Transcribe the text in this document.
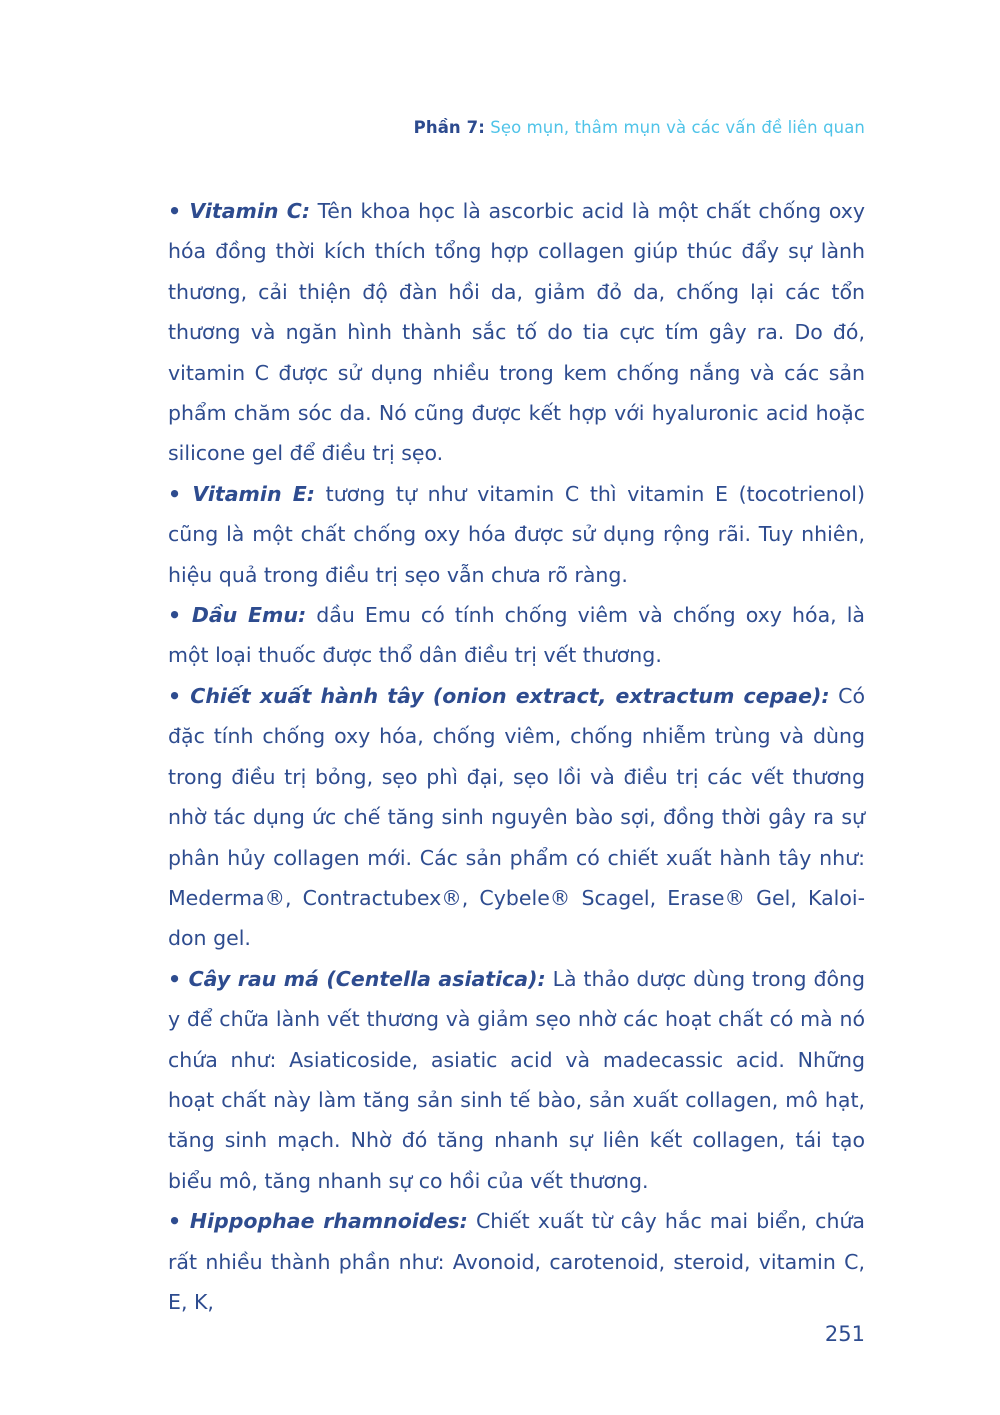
Phần 7: Sẹo mụn, thâm mụn và các vấn đề liên quan

• Vitamin C: Tên khoa học là ascorbic acid là một chất chống oxy hóa đồng thời kích thích tổng hợp collagen giúp thúc đẩy sự lành thương, cải thiện độ đàn hồi da, giảm đỏ da, chống lại các tổn thương và ngăn hình thành sắc tố do tia cực tím gây ra. Do đó, vitamin C được sử dụng nhiều trong kem chống nắng và các sản phẩm chăm sóc da. Nó cũng được kết hợp với hyaluronic acid hoặc silicone gel để điều trị sẹo.

• Vitamin E: tương tự như vitamin C thì vitamin E (tocotrienol) cũng là một chất chống oxy hóa được sử dụng rộng rãi. Tuy nhiên, hiệu quả trong điều trị sẹo vẫn chưa rõ ràng.

• Dầu Emu: dầu Emu có tính chống viêm và chống oxy hóa, là một loại thuốc được thổ dân điều trị vết thương.

• Chiết xuất hành tây (onion extract, extractum cepae): Có đặc tính chống oxy hóa, chống viêm, chống nhiễm trùng và dùng trong điều trị bỏng, sẹo phì đại, sẹo lồi và điều trị các vết thương nhờ tác dụng ức chế tăng sinh nguyên bào sợi, đồng thời gây ra sự phân hủy collagen mới. Các sản phẩm có chiết xuất hành tây như: Mederma®, Contractubex®, Cybele® Scagel, Erase® Gel, Kaloi-don gel.

• Cây rau má (Centella asiatica): Là thảo dược dùng trong đông y để chữa lành vết thương và giảm sẹo nhờ các hoạt chất có mà nó chứa như: Asiaticoside, asiatic acid và madecassic acid. Những hoạt chất này làm tăng sản sinh tế bào, sản xuất collagen, mô hạt, tăng sinh mạch. Nhờ đó tăng nhanh sự liên kết collagen, tái tạo biểu mô, tăng nhanh sự co hồi của vết thương.

• Hippophae rhamnoides: Chiết xuất từ cây hắc mai biển, chứa rất nhiều thành phần như: Avonoid, carotenoid, steroid, vitamin C, E, K,

251
